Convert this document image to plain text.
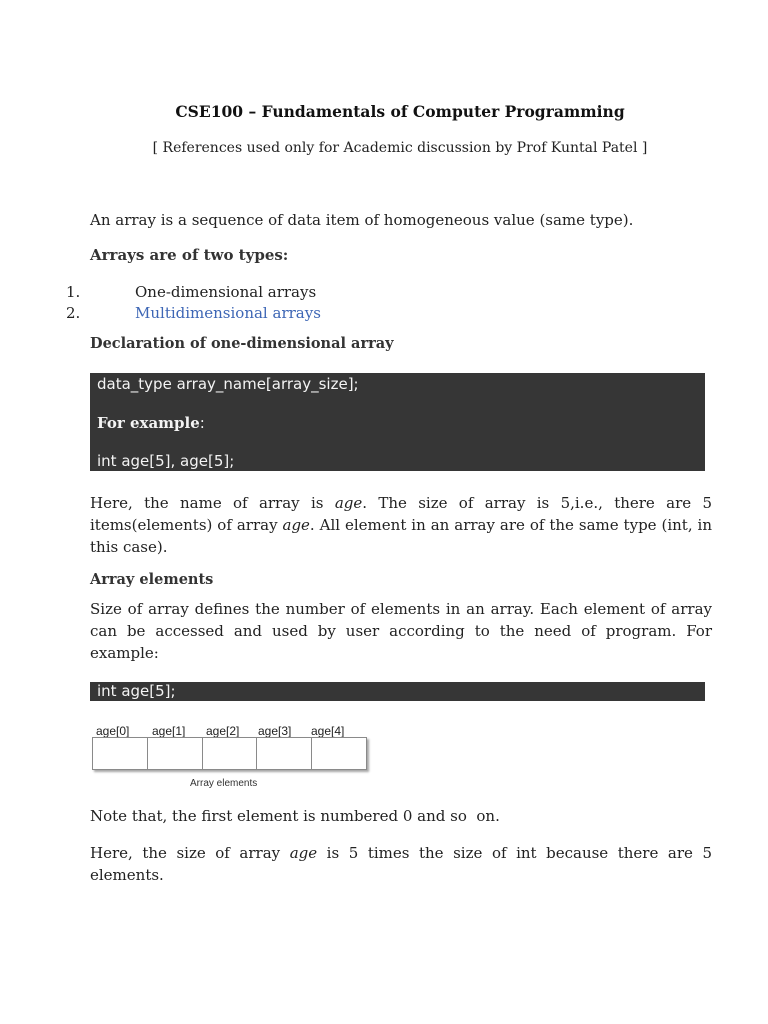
CSE100 – Fundamentals of Computer Programming
[ References used only for Academic discussion by Prof Kuntal Patel ]
An array is a sequence of data item of homogeneous value (same type).
Arrays are of two types:
1.	One-dimensional arrays
2.	Multidimensional arrays
Declaration of one-dimensional array
data_type array_name[array_size];
For example:
int age[5], age[5];
Here, the name of array is age. The size of array is 5,i.e., there are 5 items(elements) of array age. All element in an array are of the same type (int, in this case).
Array elements
Size of array defines the number of elements in an array. Each element of array can be accessed and used by user according to the need of program. For example:
int age[5];
age[0] age[1] age[2] age[3] age[4]
Array elements
Note that, the first element is numbered 0 and so  on.
Here, the size of array age is 5 times the size of int because there are 5 elements.
